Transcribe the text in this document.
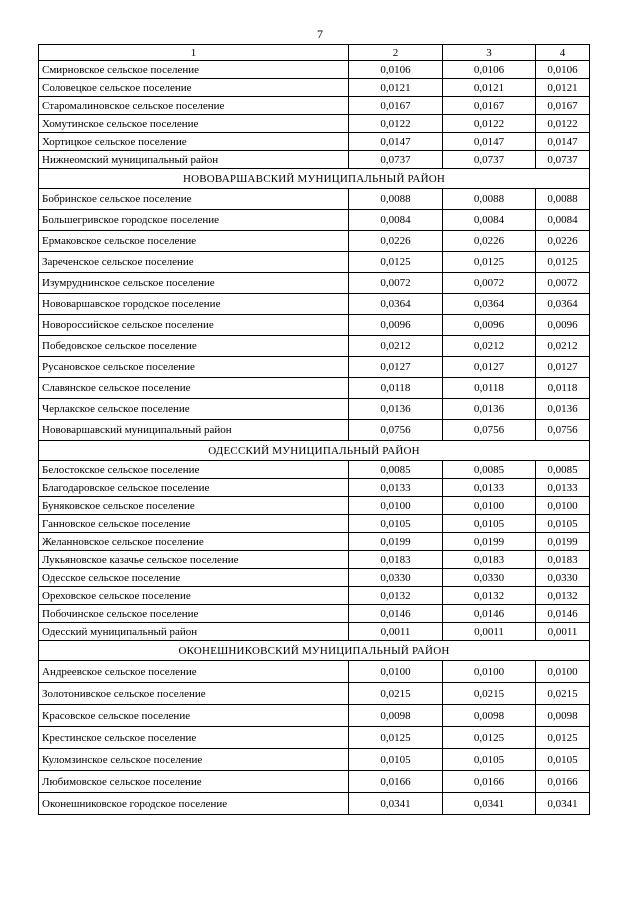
7
1	2	3	4
Смирновское сельское поселение	0,0106	0,0106	0,0106
Соловецкое сельское поселение	0,0121	0,0121	0,0121
Старомалиновское сельское поселение	0,0167	0,0167	0,0167
Хомутинское сельское поселение	0,0122	0,0122	0,0122
Хортицкое сельское поселение	0,0147	0,0147	0,0147
Нижнеомский муниципальный район	0,0737	0,0737	0,0737
НОВОВАРШАВСКИЙ МУНИЦИПАЛЬНЫЙ РАЙОН			
Бобринское сельское поселение	0,0088	0,0088	0,0088
Большегривское городское поселение	0,0084	0,0084	0,0084
Ермаковское сельское поселение	0,0226	0,0226	0,0226
Зареченское сельское поселение	0,0125	0,0125	0,0125
Изумруднинское сельское поселение	0,0072	0,0072	0,0072
Нововаршавское городское поселение	0,0364	0,0364	0,0364
Новороссийское сельское поселение	0,0096	0,0096	0,0096
Победовское сельское поселение	0,0212	0,0212	0,0212
Русановское сельское поселение	0,0127	0,0127	0,0127
Славянское сельское поселение	0,0118	0,0118	0,0118
Черлакское сельское поселение	0,0136	0,0136	0,0136
Нововаршавский муниципальный район	0,0756	0,0756	0,0756
ОДЕССКИЙ МУНИЦИПАЛЬНЫЙ РАЙОН			
Белостокское сельское поселение	0,0085	0,0085	0,0085
Благодаровское сельское поселение	0,0133	0,0133	0,0133
Буняковское сельское поселение	0,0100	0,0100	0,0100
Ганновское сельское поселение	0,0105	0,0105	0,0105
Желанновское сельское поселение	0,0199	0,0199	0,0199
Лукьяновское казачье сельское поселение	0,0183	0,0183	0,0183
Одесское сельское поселение	0,0330	0,0330	0,0330
Ореховское сельское поселение	0,0132	0,0132	0,0132
Побочинское сельское поселение	0,0146	0,0146	0,0146
Одесский муниципальный район	0,0011	0,0011	0,0011
ОКОНЕШНИКОВСКИЙ МУНИЦИПАЛЬНЫЙ РАЙОН			
Андреевское сельское поселение	0,0100	0,0100	0,0100
Золотонивское сельское поселение	0,0215	0,0215	0,0215
Красовское сельское поселение	0,0098	0,0098	0,0098
Крестинское сельское поселение	0,0125	0,0125	0,0125
Куломзинское сельское поселение	0,0105	0,0105	0,0105
Любимовское сельское поселение	0,0166	0,0166	0,0166
Оконешниковское городское поселение	0,0341	0,0341	0,0341
